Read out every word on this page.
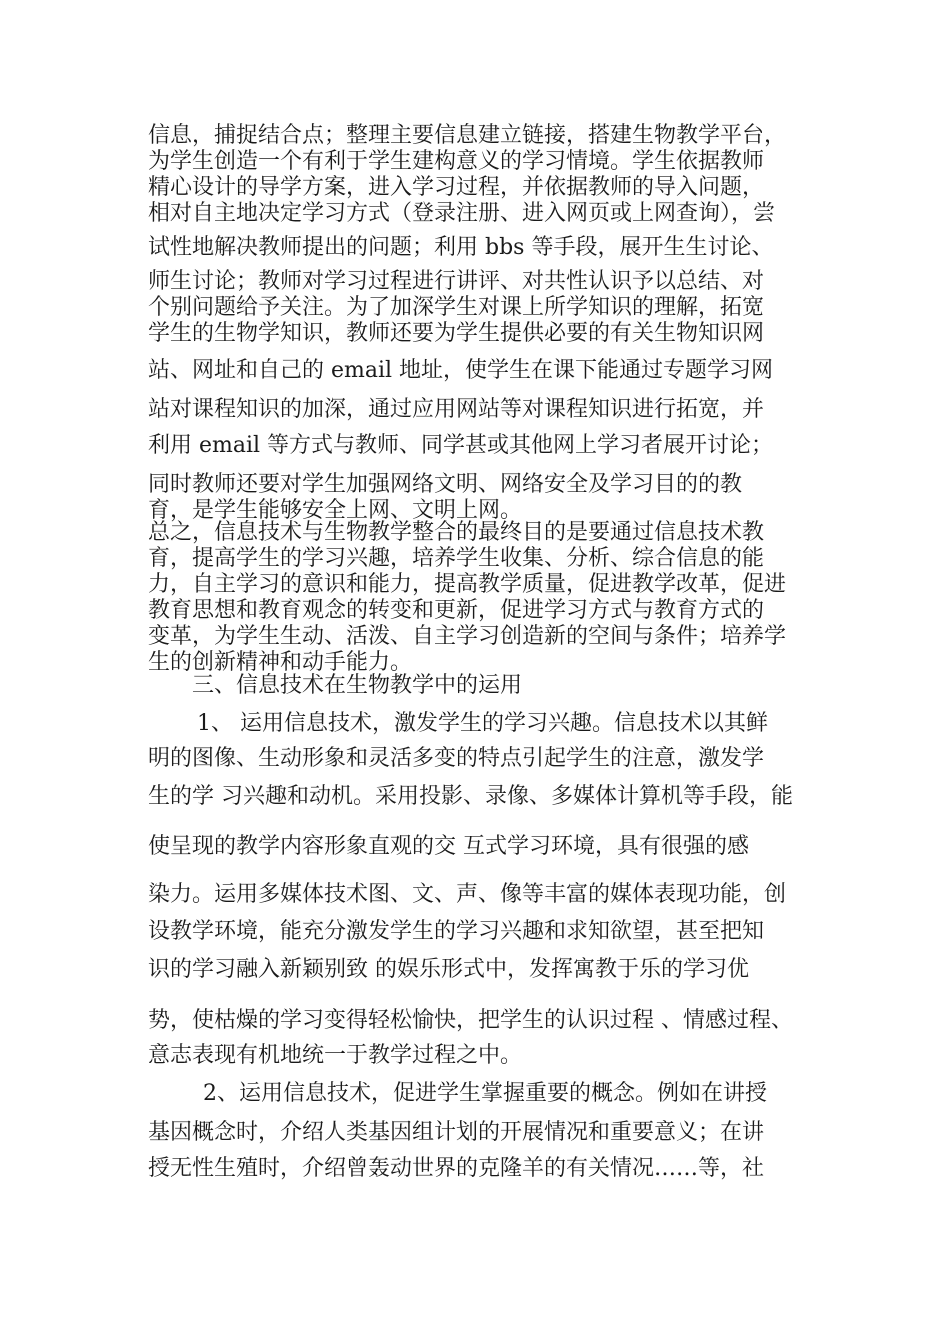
信息，捕捉结合点；整理主要信息建立链接，搭建生物教学平台，
为学生创造一个有利于学生建构意义的学习情境。学生依据教师
精心设计的导学方案，进入学习过程，并依据教师的导入问题，
相对自主地决定学习方式（登录注册、进入网页或上网查询），尝
试性地解决教师提出的问题；利用 bbs 等手段，展开生生讨论、
师生讨论；教师对学习过程进行讲评、对共性认识予以总结、对
个别问题给予关注。为了加深学生对课上所学知识的理解，拓宽
学生的生物学知识，教师还要为学生提供必要的有关生物知识网
站、网址和自己的 email 地址，使学生在课下能通过专题学习网
站对课程知识的加深，通过应用网站等对课程知识进行拓宽，并
利用 email 等方式与教师、同学甚或其他网上学习者展开讨论；
同时教师还要对学生加强网络文明、网络安全及学习目的的教
育，是学生能够安全上网、文明上网。
总之，信息技术与生物教学整合的最终目的是要通过信息技术教
育，提高学生的学习兴趣，培养学生收集、分析、综合信息的能
力，自主学习的意识和能力，提高教学质量，促进教学改革，促进
教育思想和教育观念的转变和更新，促进学习方式与教育方式的
变革，为学生生动、活泼、自主学习创造新的空间与条件；培养学
生的创新精神和动手能力。
三、信息技术在生物教学中的运用
1、 运用信息技术，激发学生的学习兴趣。信息技术以其鲜
明的图像、生动形象和灵活多变的特点引起学生的注意，激发学
生的学 习兴趣和动机。采用投影、录像、多媒体计算机等手段，能
使呈现的教学内容形象直观的交 互式学习环境，具有很强的感
染力。运用多媒体技术图、文、声、像等丰富的媒体表现功能，创
设教学环境，能充分激发学生的学习兴趣和求知欲望，甚至把知
识的学习融入新颖别致 的娱乐形式中，发挥寓教于乐的学习优
势，使枯燥的学习变得轻松愉快，把学生的认识过程 、情感过程、
意志表现有机地统一于教学过程之中。
2、运用信息技术，促进学生掌握重要的概念。例如在讲授
基因概念时，介绍人类基因组计划的开展情况和重要意义；在讲
授无性生殖时，介绍曾轰动世界的克隆羊的有关情况……等，社
